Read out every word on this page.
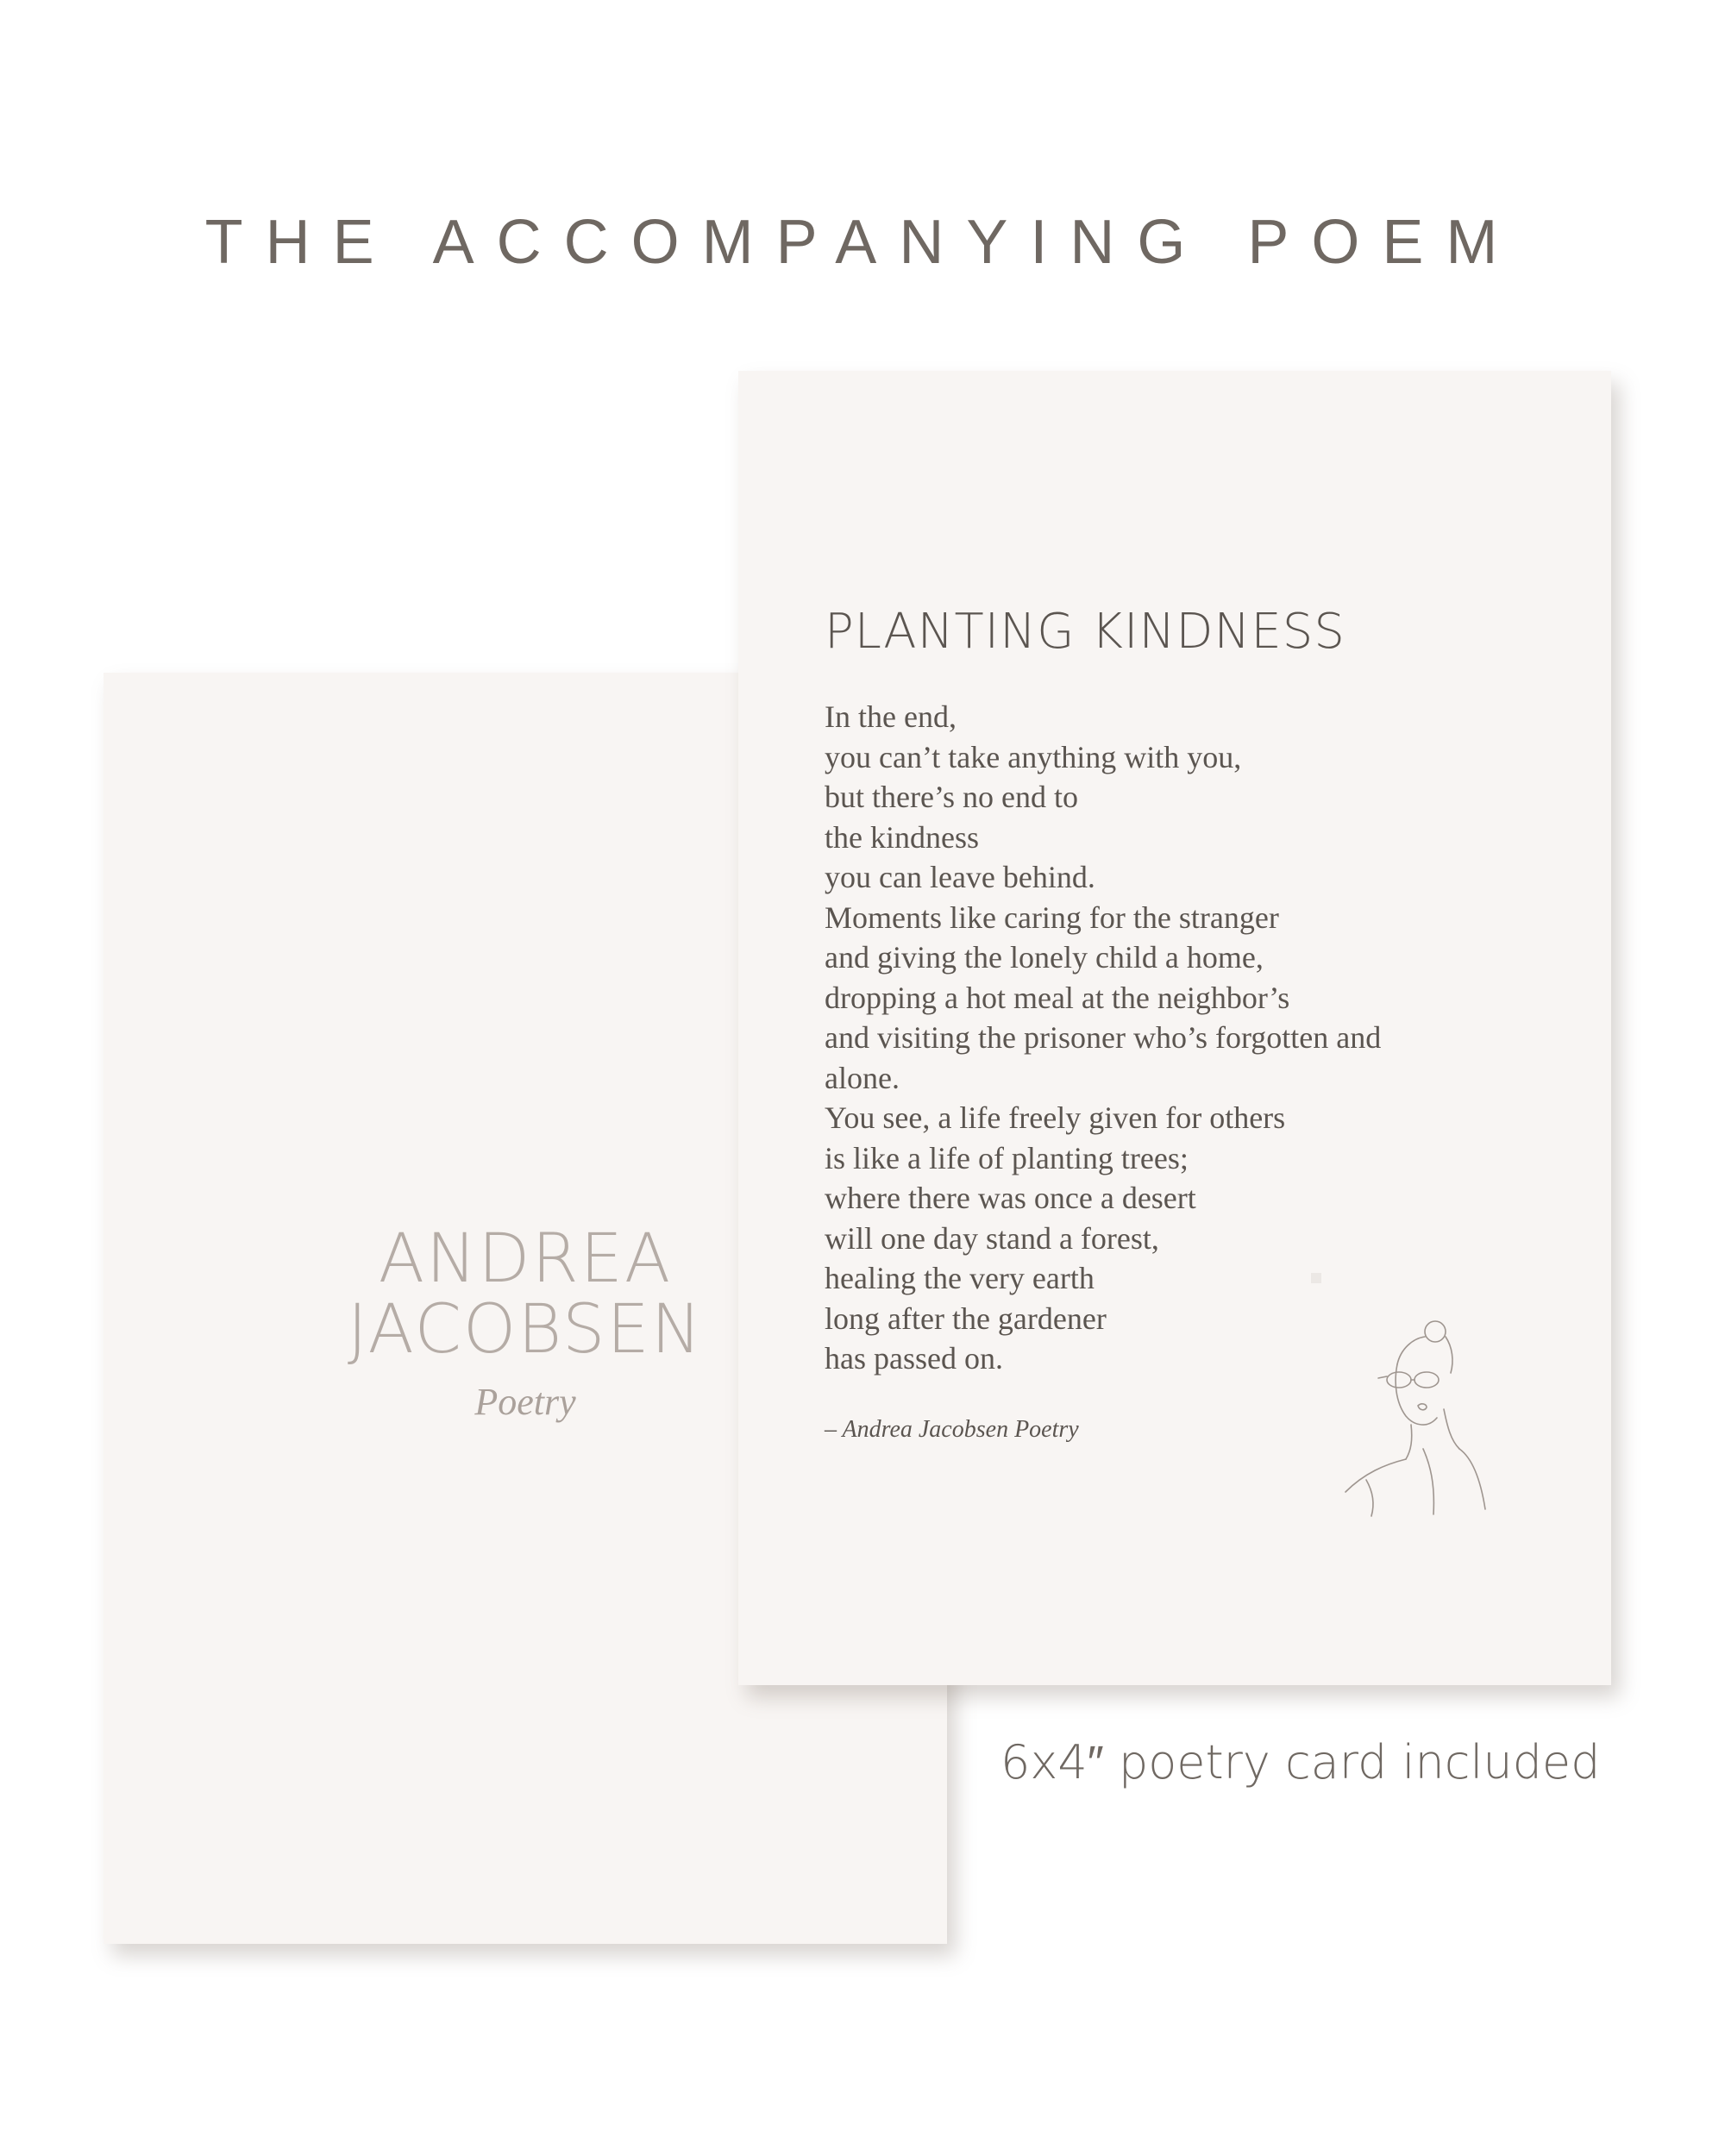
THE ACCOMPANYING POEM
ANDREA
JACOBSEN
Poetry
PLANTING KINDNESS
In the end,
you can’t take anything with you,
but there’s no end to
the kindness
you can leave behind.
Moments like caring for the stranger
and giving the lonely child a home,
dropping a hot meal at the neighbor’s
and visiting the prisoner who’s forgotten and
alone.
You see, a life freely given for others
is like a life of planting trees;
where there was once a desert
will one day stand a forest,
healing the very earth
long after the gardener
has passed on.
– Andrea Jacobsen Poetry
6x4″ poetry card included
